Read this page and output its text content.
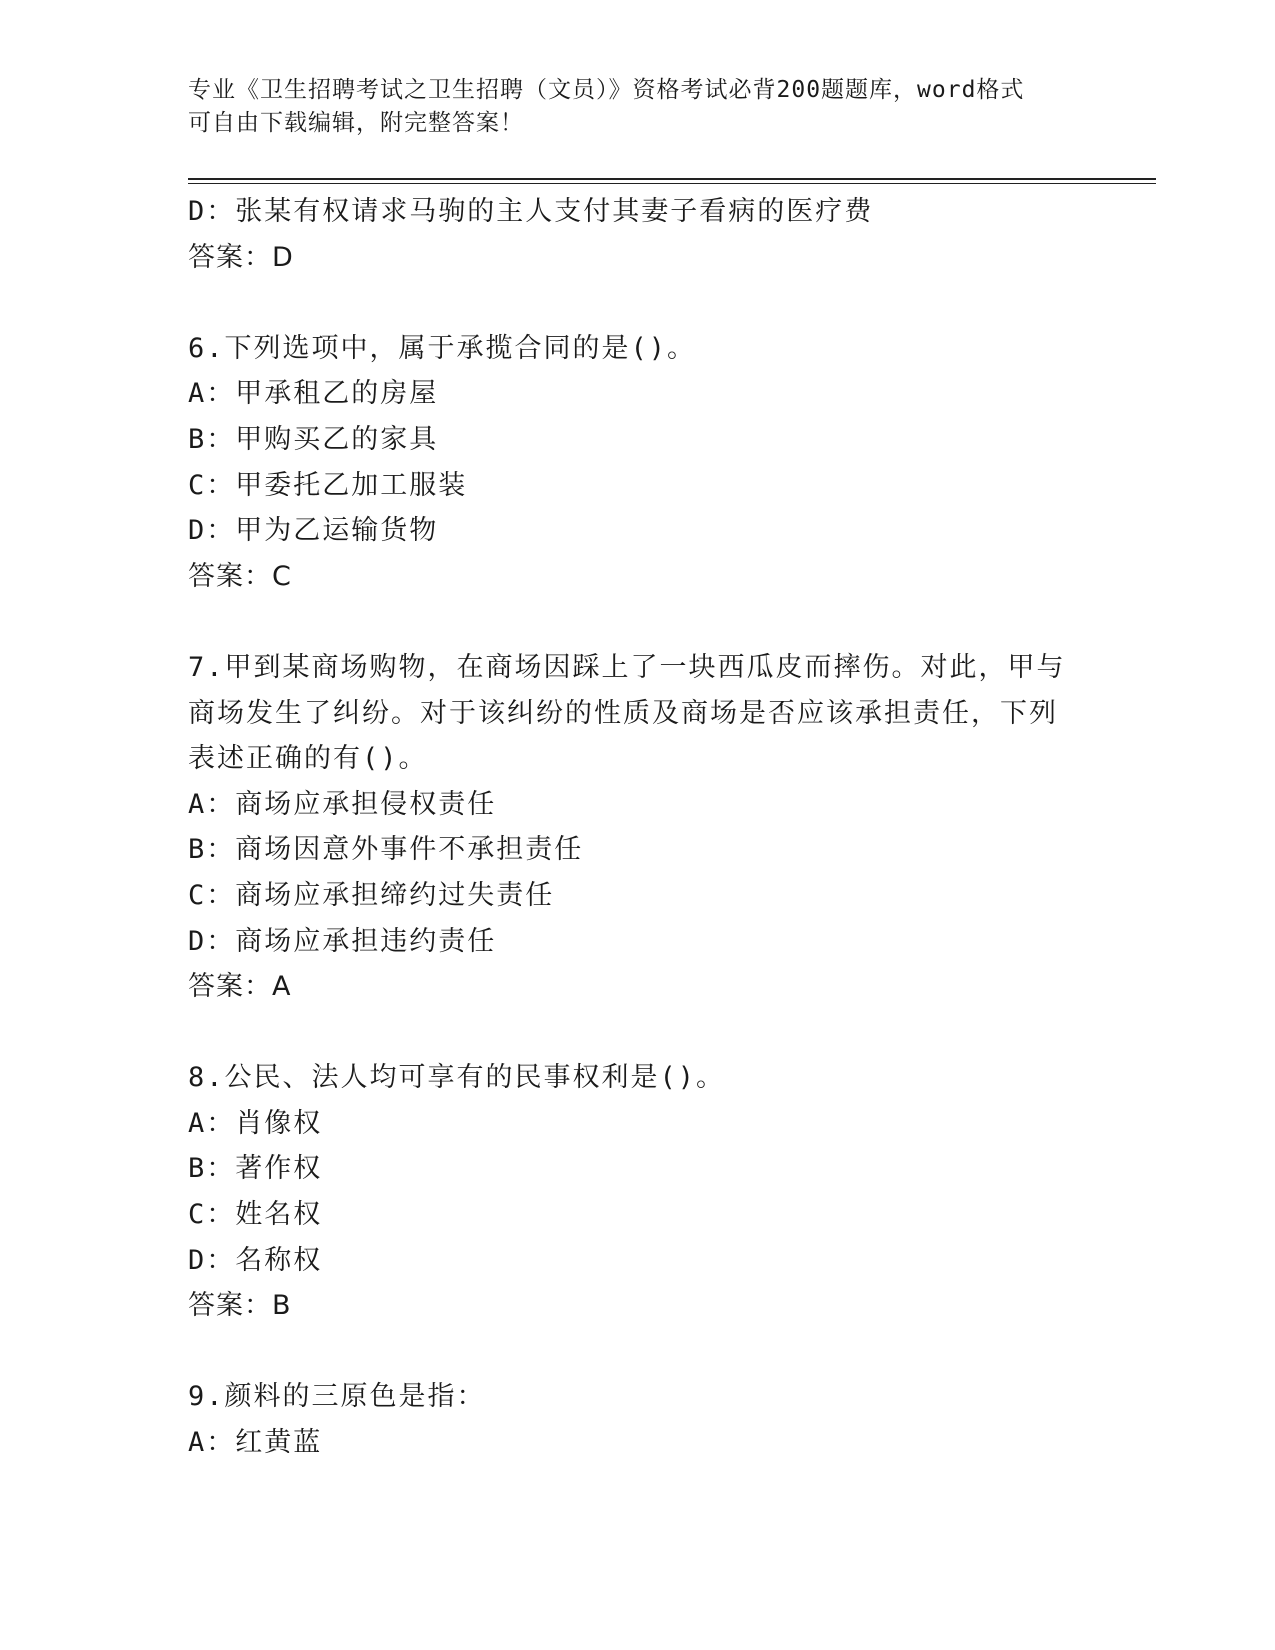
专业《卫生招聘考试之卫生招聘（文员）》资格考试必背200题题库，word格式
可自由下载编辑，附完整答案！
D：张某有权请求马驹的主人支付其妻子看病的医疗费
答案：D
6.下列选项中，属于承揽合同的是()。
A：甲承租乙的房屋
B：甲购买乙的家具
C：甲委托乙加工服装
D：甲为乙运输货物
答案：C
7.甲到某商场购物，在商场因踩上了一块西瓜皮而摔伤。对此，甲与
商场发生了纠纷。对于该纠纷的性质及商场是否应该承担责任，下列
表述正确的有()。
A：商场应承担侵权责任
B：商场因意外事件不承担责任
C：商场应承担缔约过失责任
D：商场应承担违约责任
答案：A
8.公民、法人均可享有的民事权利是()。
A：肖像权
B：著作权
C：姓名权
D：名称权
答案：B
9.颜料的三原色是指：
A：红黄蓝
